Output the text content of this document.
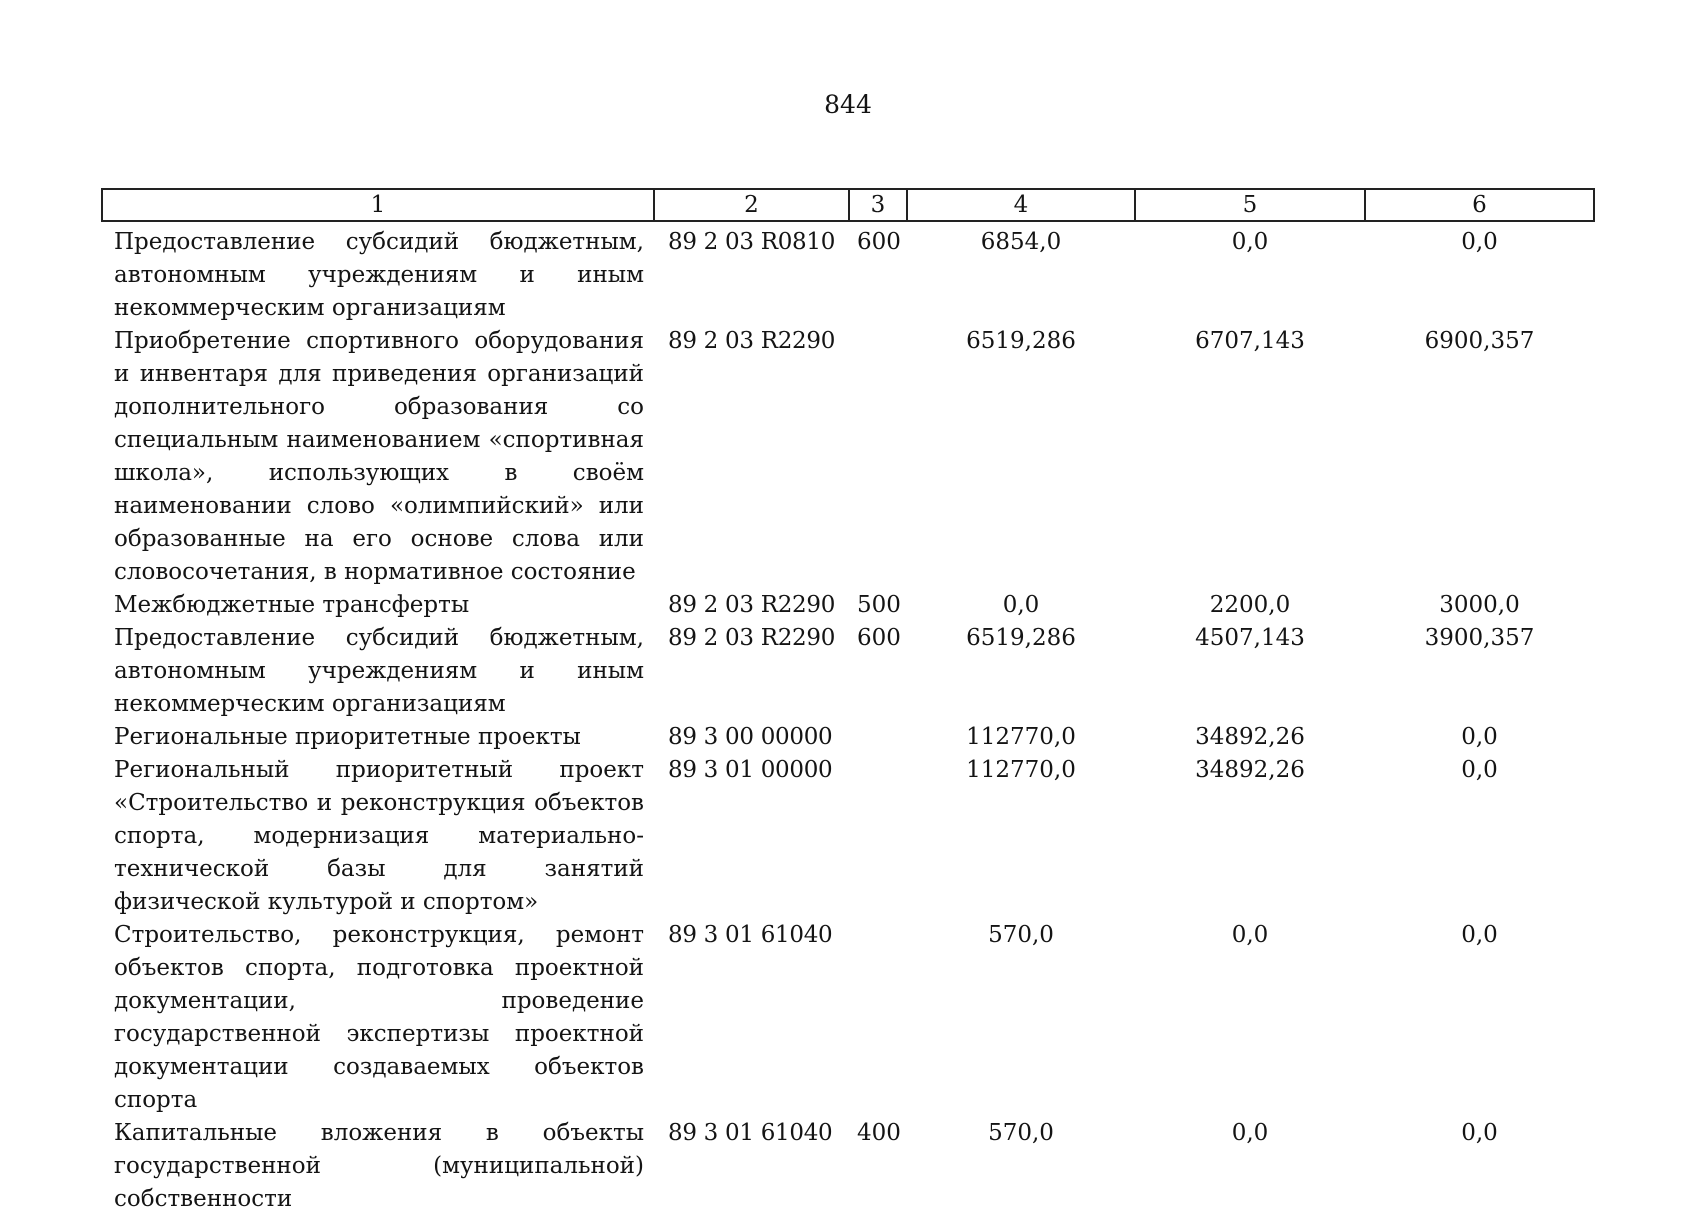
844
1	2	3	4	5	6
Предоставление субсидий бюджетным, автономным учреждениям и иным некоммерческим организациям	89 2 03 R0810	600	6854,0	0,0	0,0
Приобретение спортивного оборудования и инвентаря для приведения организаций дополнительного образования со специальным наименованием «спортивная школа», использующих в своём наименовании слово «олимпийский» или образованные на его основе слова или словосочетания, в нормативное состояние	89 2 03 R2290		6519,286	6707,143	6900,357
Межбюджетные трансферты	89 2 03 R2290	500	0,0	2200,0	3000,0
Предоставление субсидий бюджетным, автономным учреждениям и иным некоммерческим организациям	89 2 03 R2290	600	6519,286	4507,143	3900,357
Региональные приоритетные проекты	89 3 00 00000		112770,0	34892,26	0,0
Региональный приоритетный проект «Строительство и реконструкция объектов спорта, модернизация материально-технической базы для занятий физической культурой и спортом»	89 3 01 00000		112770,0	34892,26	0,0
Строительство, реконструкция, ремонт объектов спорта, подготовка проектной документации, проведение государственной экспертизы проектной документации создаваемых объектов спорта	89 3 01 61040		570,0	0,0	0,0
Капитальные вложения в объекты государственной (муниципальной) собственности	89 3 01 61040	400	570,0	0,0	0,0
